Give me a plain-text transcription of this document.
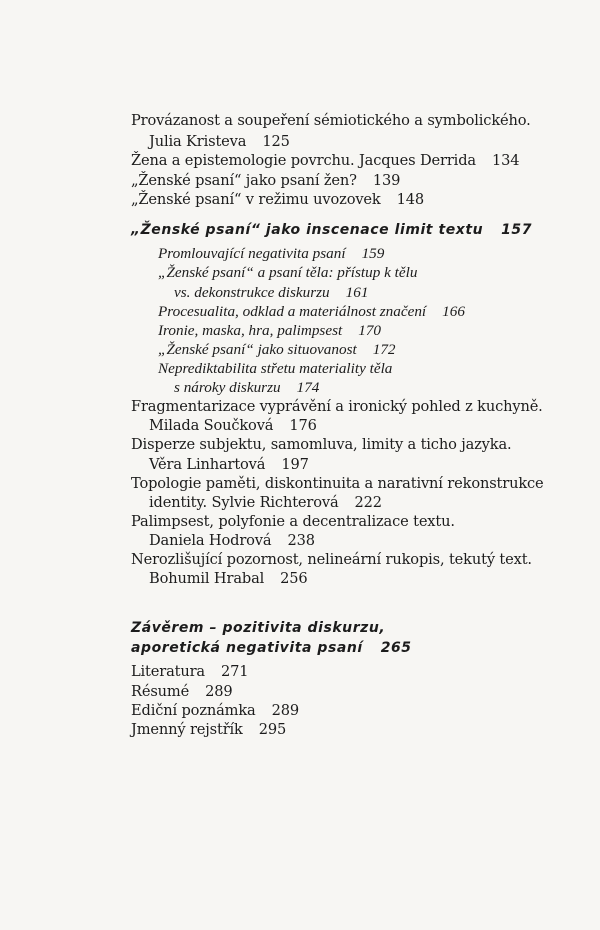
Provázanost a soupeření sémiotického a symbolického.
Julia Kristeva 125
Žena a epistemologie povrchu. Jacques Derrida 134
„Ženské psaní“ jako psaní žen? 139
„Ženské psaní“ v režimu uvozovek 148
„Ženské psaní“ jako inscenace limit textu 157
Promlouvající negativita psaní 159
„Ženské psaní“ a psaní těla: přístup k tělu
vs. dekonstrukce diskurzu 161
Procesualita, odklad a materiálnost značení 166
Ironie, maska, hra, palimpsest 170
„Ženské psaní“ jako situovanost 172
Neprediktabilita střetu materiality těla
s nároky diskurzu 174
Fragmentarizace vyprávění a ironický pohled z kuchyně.
Milada Součková 176
Disperze subjektu, samomluva, limity a ticho jazyka.
Věra Linhartová 197
Topologie paměti, diskontinuita a narativní rekonstrukce
identity. Sylvie Richterová 222
Palimpsest, polyfonie a decentralizace textu.
Daniela Hodrová 238
Nerozlišující pozornost, nelineární rukopis, tekutý text.
Bohumil Hrabal 256
Závěrem – pozitivita diskurzu,
aporetická negativita psaní 265
Literatura 271
Résumé 289
Ediční poznámka 289
Jmenný rejstřík 295
